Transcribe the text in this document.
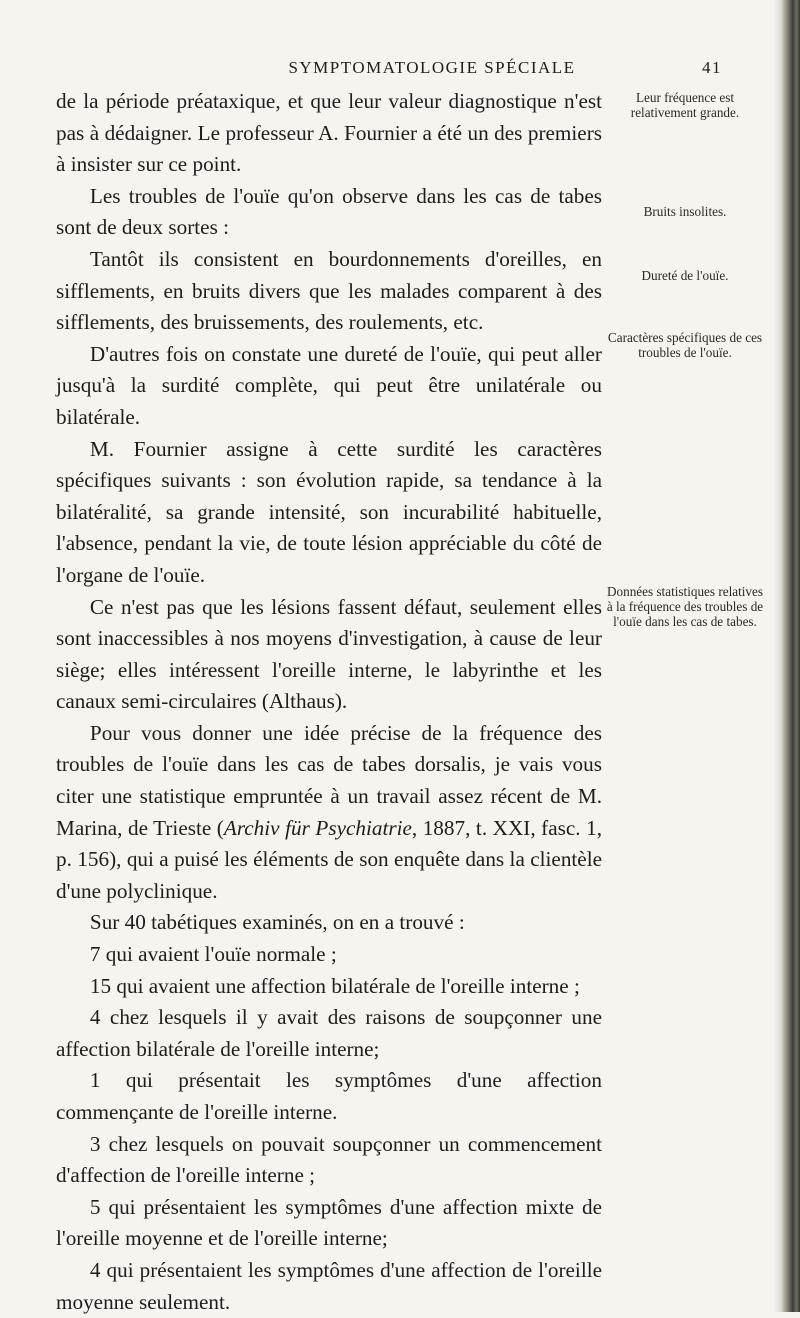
SYMPTOMATOLOGIE SPÉCIALE	41

de la période préataxique, et que leur valeur diagnostique n'est pas à dédaigner. Le professeur A. Fournier a été un des premiers à insister sur ce point.

Les troubles de l'ouïe qu'on observe dans les cas de tabes sont de deux sortes :

Tantôt ils consistent en bourdonnements d'oreilles, en sifflements, en bruits divers que les malades comparent à des sifflements, des bruissements, des roulements, etc.

D'autres fois on constate une dureté de l'ouïe, qui peut aller jusqu'à la surdité complète, qui peut être unilatérale ou bilatérale.

M. Fournier assigne à cette surdité les caractères spécifiques suivants : son évolution rapide, sa tendance à la bilatéralité, sa grande intensité, son incurabilité habituelle, l'absence, pendant la vie, de toute lésion appréciable du côté de l'organe de l'ouïe.

Ce n'est pas que les lésions fassent défaut, seulement elles sont inaccessibles à nos moyens d'investigation, à cause de leur siège; elles intéressent l'oreille interne, le labyrinthe et les canaux semi-circulaires (Althaus).

Pour vous donner une idée précise de la fréquence des troubles de l'ouïe dans les cas de tabes dorsalis, je vais vous citer une statistique empruntée à un travail assez récent de M. Marina, de Trieste (Archiv für Psychiatrie, 1887, t. XXI, fasc. 1, p. 156), qui a puisé les éléments de son enquête dans la clientèle d'une polyclinique.

Sur 40 tabétiques examinés, on en a trouvé :

7 qui avaient l'ouïe normale ;

15 qui avaient une affection bilatérale de l'oreille interne ;

4 chez lesquels il y avait des raisons de soupçonner une affection bilatérale de l'oreille interne;

1 qui présentait les symptômes d'une affection commençante de l'oreille interne.

3 chez lesquels on pouvait soupçonner un commencement d'affection de l'oreille interne ;

5 qui présentaient les symptômes d'une affection mixte de l'oreille moyenne et de l'oreille interne;

4 qui présentaient les symptômes d'une affection de l'oreille moyenne seulement.

Leur fréquence est relativement grande.
Bruits insolites.
Dureté de l'ouïe.
Caractères spécifiques de ces troubles de l'ouïe.
Données statistiques relatives à la fréquence des troubles de l'ouïe dans les cas de tabes.
